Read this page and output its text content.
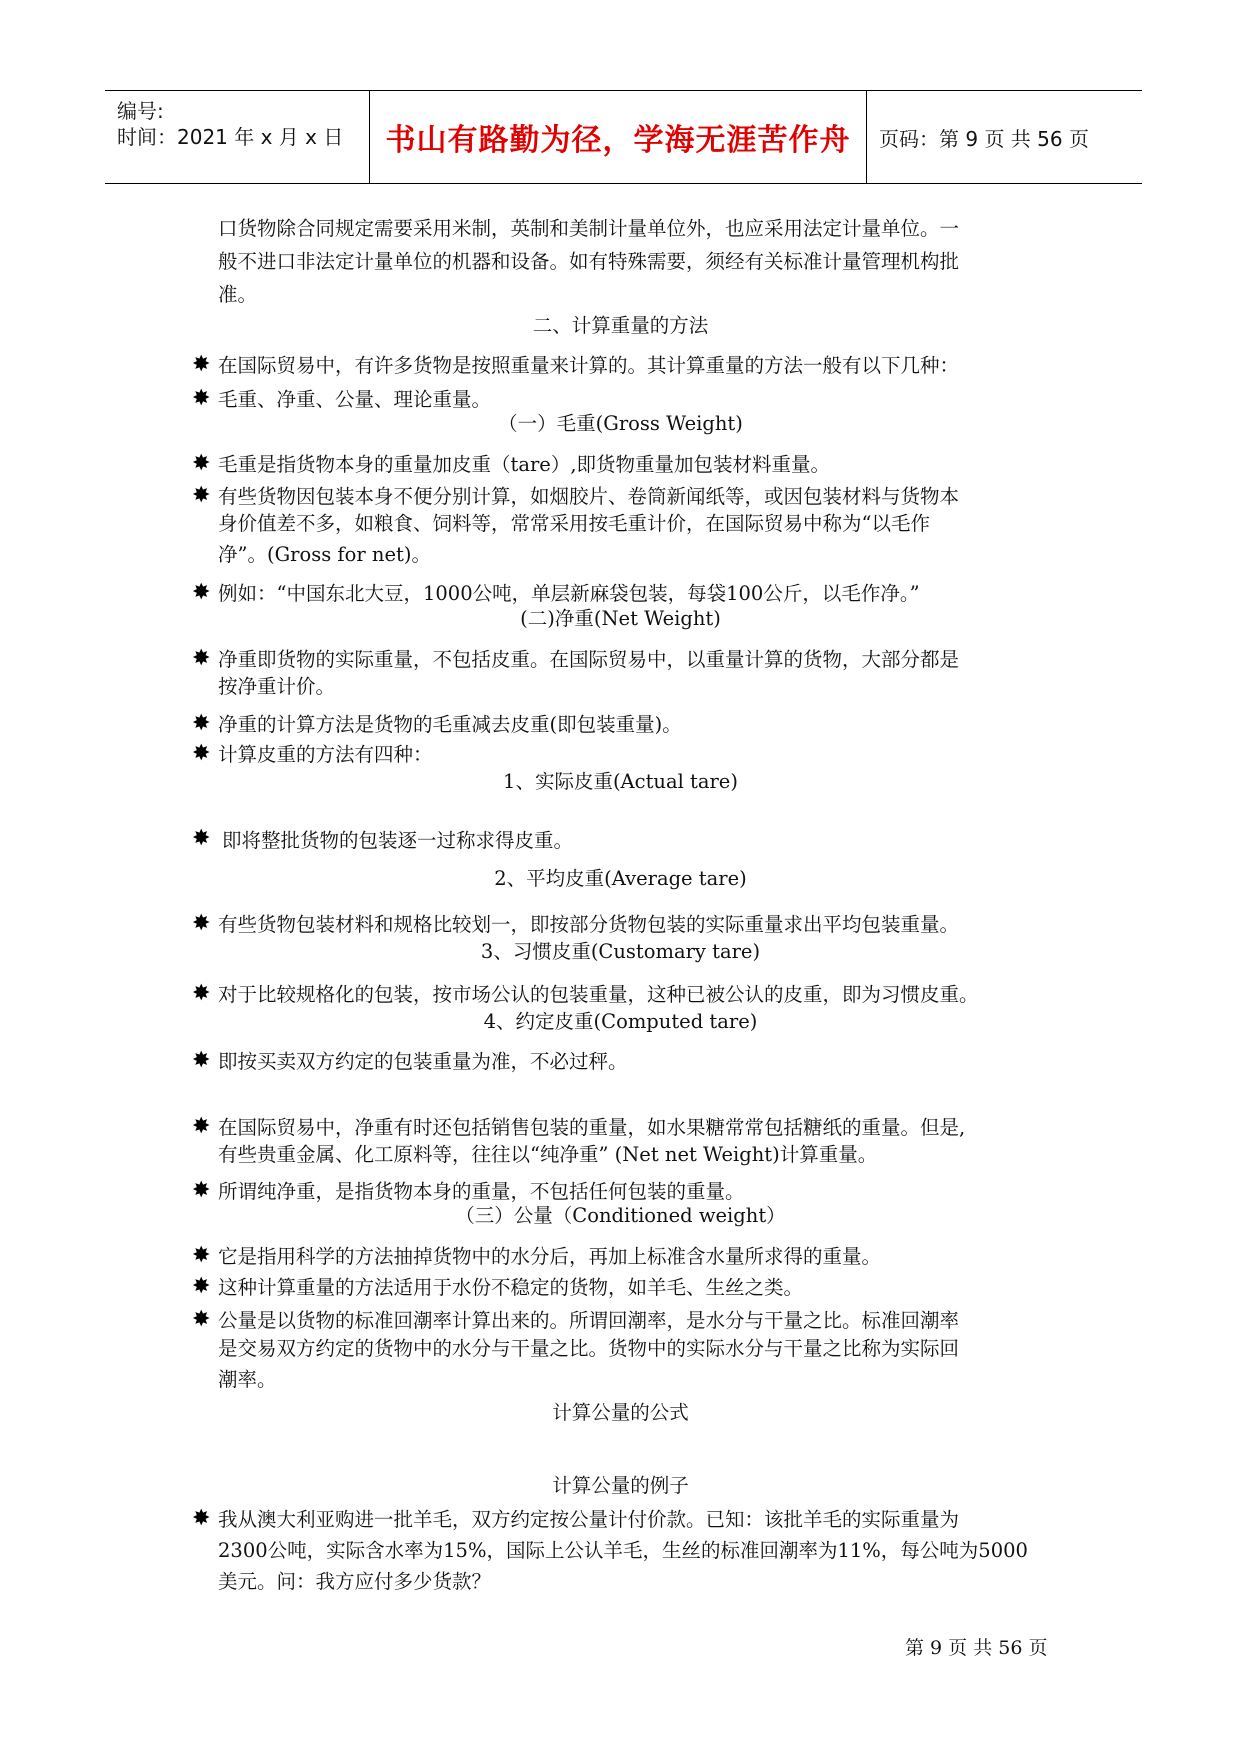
编号:
时间：2021 年 x 月 x 日 书山有路勤为径，学海无涯苦作舟 页码：第 9 页 共 56 页
口货物除合同规定需要采用米制，英制和美制计量单位外，也应采用法定计量单位。一
般不进口非法定计量单位的机器和设备。如有特殊需要，须经有关标准计量管理机构批
准。
二、计算重量的方法
✸ 在国际贸易中，有许多货物是按照重量来计算的。其计算重量的方法一般有以下几种：
✸ 毛重、净重、公量、理论重量。
（一）毛重(Gross Weight)
✸ 毛重是指货物本身的重量加皮重（tare）,即货物重量加包装材料重量。
✸ 有些货物因包装本身不便分别计算，如烟胶片、卷筒新闻纸等，或因包装材料与货物本
身价值差不多，如粮食、饲料等，常常采用按毛重计价，在国际贸易中称为“以毛作
净”。(Gross for net)。
✸ 例如：“中国东北大豆，1000公吨，单层新麻袋包装，每袋100公斤，以毛作净。”
(二)净重(Net Weight)
✸ 净重即货物的实际重量，不包括皮重。在国际贸易中，以重量计算的货物，大部分都是
按净重计价。
✸ 净重的计算方法是货物的毛重减去皮重(即包装重量)。
✸ 计算皮重的方法有四种：
1、实际皮重(Actual tare)
✸ 即将整批货物的包装逐一过称求得皮重。
2、平均皮重(Average tare)
✸ 有些货物包装材料和规格比较划一，即按部分货物包装的实际重量求出平均包装重量。
3、习惯皮重(Customary tare)
✸ 对于比较规格化的包装，按市场公认的包装重量，这种已被公认的皮重，即为习惯皮重。
4、约定皮重(Computed tare)
✸ 即按买卖双方约定的包装重量为准，不必过秤。
✸ 在国际贸易中，净重有时还包括销售包装的重量，如水果糖常常包括糖纸的重量。但是,
有些贵重金属、化工原料等，往往以“纯净重” (Net net Weight)计算重量。
✸ 所谓纯净重，是指货物本身的重量，不包括任何包装的重量。
（三）公量（Conditioned weight）
✸ 它是指用科学的方法抽掉货物中的水分后，再加上标准含水量所求得的重量。
✸ 这种计算重量的方法适用于水份不稳定的货物，如羊毛、生丝之类。
✸ 公量是以货物的标准回潮率计算出来的。所谓回潮率，是水分与干量之比。标准回潮率
是交易双方约定的货物中的水分与干量之比。货物中的实际水分与干量之比称为实际回
潮率。
计算公量的公式
计算公量的例子
✸ 我从澳大利亚购进一批羊毛，双方约定按公量计付价款。已知：该批羊毛的实际重量为
2300公吨，实际含水率为15%，国际上公认羊毛，生丝的标准回潮率为11%，每公吨为5000
美元。问：我方应付多少货款？
第 9 页 共 56 页
